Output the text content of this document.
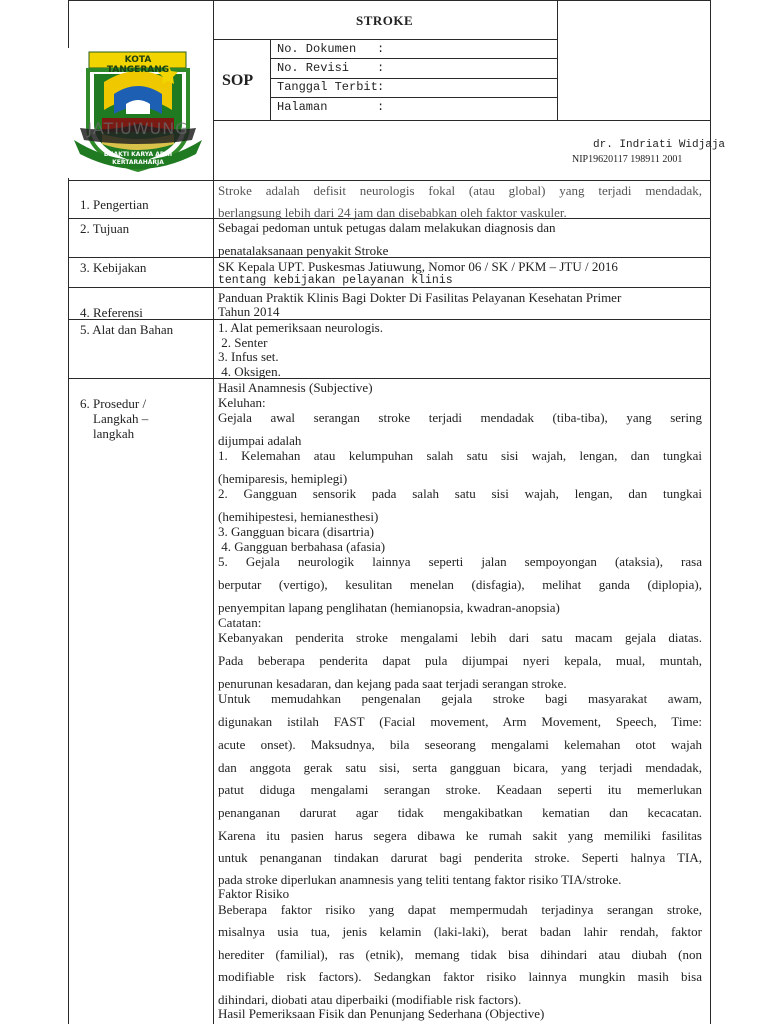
KOTA TANGERANG
JATIUWUNG
BHAKTI KARYA ADHI KERTARAHARJA
STROKE
SOP
No. Dokumen :
No. Revisi :
Tanggal Terbit :
Halaman	:
dr. Indriati Widjaja
NIP19620117 198911 2001
1. Pengertian
2. Tujuan
3. Kebijakan
4. Referensi
5. Alat dan Bahan
6. Prosedur /
Langkah –
langkah
Stroke adalah defisit neurologis fokal (atau global) yang terjadi mendadak,
berlangsung lebih dari 24 jam dan disebabkan oleh faktor vaskuler.
Sebagai pedoman untuk petugas dalam melakukan diagnosis dan
penatalaksanaan penyakit Stroke
SK Kepala UPT. Puskesmas Jatiuwung, Nomor 06 / SK / PKM – JTU / 2016
tentang kebijakan pelayanan klinis
Panduan Praktik Klinis Bagi Dokter Di Fasilitas Pelayanan Kesehatan Primer
Tahun 2014
1. Alat pemeriksaan neurologis.
2. Senter
3. Infus set.
4. Oksigen.
Hasil Anamnesis (Subjective)
Keluhan:
Gejala awal serangan stroke terjadi mendadak (tiba-tiba), yang sering
dijumpai adalah
1. Kelemahan atau kelumpuhan salah satu sisi wajah, lengan, dan tungkai
(hemiparesis, hemiplegi)
2. Gangguan sensorik pada salah satu sisi wajah, lengan, dan tungkai
(hemihipestesi, hemianesthesi)
3. Gangguan bicara (disartria)
4. Gangguan berbahasa (afasia)
5. Gejala neurologik lainnya seperti jalan sempoyongan (ataksia), rasa
berputar (vertigo), kesulitan menelan (disfagia), melihat ganda (diplopia),
penyempitan lapang penglihatan (hemianopsia, kwadran-anopsia)
Catatan:
Kebanyakan penderita stroke mengalami lebih dari satu macam gejala diatas.
Pada beberapa penderita dapat pula dijumpai nyeri kepala, mual, muntah,
penurunan kesadaran, dan kejang pada saat terjadi serangan stroke.
Untuk memudahkan pengenalan gejala stroke bagi masyarakat awam,
digunakan istilah FAST (Facial movement, Arm Movement, Speech, Time:
acute onset). Maksudnya, bila seseorang mengalami kelemahan otot wajah
dan anggota gerak satu sisi, serta gangguan bicara, yang terjadi mendadak,
patut diduga mengalami serangan stroke. Keadaan seperti itu memerlukan
penanganan darurat agar tidak mengakibatkan kematian dan kecacatan.
Karena itu pasien harus segera dibawa ke rumah sakit yang memiliki fasilitas
untuk penanganan tindakan darurat bagi penderita stroke. Seperti halnya TIA,
pada stroke diperlukan anamnesis yang teliti tentang faktor risiko TIA/stroke.
Faktor Risiko
Beberapa faktor risiko yang dapat mempermudah terjadinya serangan stroke,
misalnya usia tua, jenis kelamin (laki-laki), berat badan lahir rendah, faktor
herediter (familial), ras (etnik), memang tidak bisa dihindari atau diubah (non
modifiable risk factors). Sedangkan faktor risiko lainnya mungkin masih bisa
dihindari, diobati atau diperbaiki (modifiable risk factors).
Hasil Pemeriksaan Fisik dan Penunjang Sederhana (Objective)
